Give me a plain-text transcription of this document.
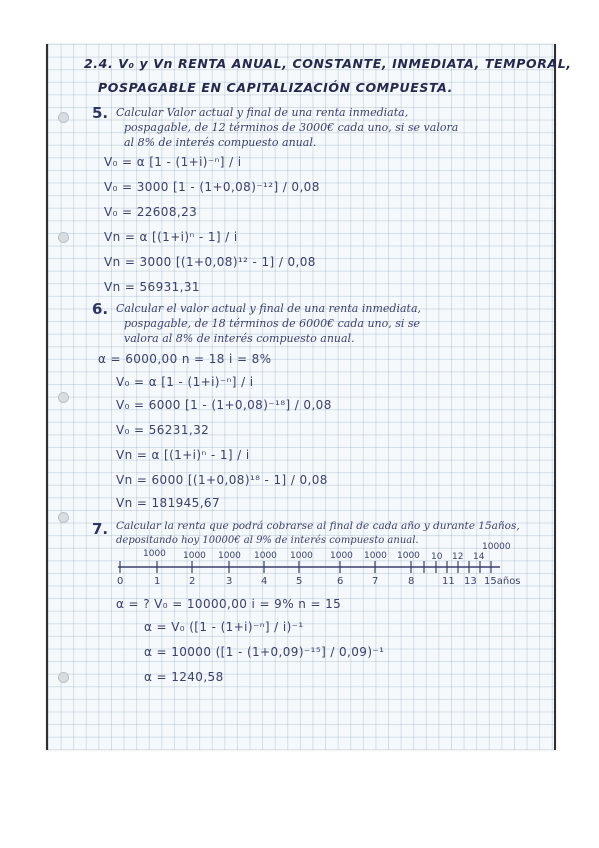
2.4. V₀ y Vn RENTA ANUAL, CONSTANTE, INMEDIATA, TEMPORAL,
POSPAGABLE EN CAPITALIZACIÓN COMPUESTA.
5. Calcular Valor actual y final de una renta inmediata,
pospagable, de 12 términos de 3000€ cada uno, si se valora
al 8% de interés compuesto anual.
V₀ = α [1 - (1+i)⁻ⁿ] / i
V₀ = 3000 [1 - (1+0,08)⁻¹²] / 0,08
V₀ = 22608,23
Vn = α [(1+i)ⁿ - 1] / i
Vn = 3000 [(1+0,08)¹² - 1] / 0,08
Vn = 56931,31
6. Calcular el valor actual y final de una renta inmediata,
pospagable, de 18 términos de 6000€ cada uno, si se
valora al 8% de interés compuesto anual.
α = 6000,00 n = 18 i = 8%
V₀ = α [1 - (1+i)⁻ⁿ] / i
V₀ = 6000 [1 - (1+0,08)⁻¹⁸] / 0,08
V₀ = 56231,32
Vn = α [(1+i)ⁿ - 1] / i
Vn = 6000 [(1+0,08)¹⁸ - 1] / 0,08
Vn = 181945,67
7. Calcular la renta que podrá cobrarse al final de cada año y durante 15años,
depositando hoy 10000€ al 9% de interés compuesto anual.
1000 1000 1000 1000 1000 1000 1000 1000 10 12 14
10000
0	1	2	3	4	5	6	7	8	11 13 15años
α = ? V₀ = 10000,00 i = 9% n = 15
α = V₀ ([1 - (1+i)⁻ⁿ] / i)⁻¹
α = 10000 ([1 - (1+0,09)⁻¹⁵] / 0,09)⁻¹
α = 1240,58
